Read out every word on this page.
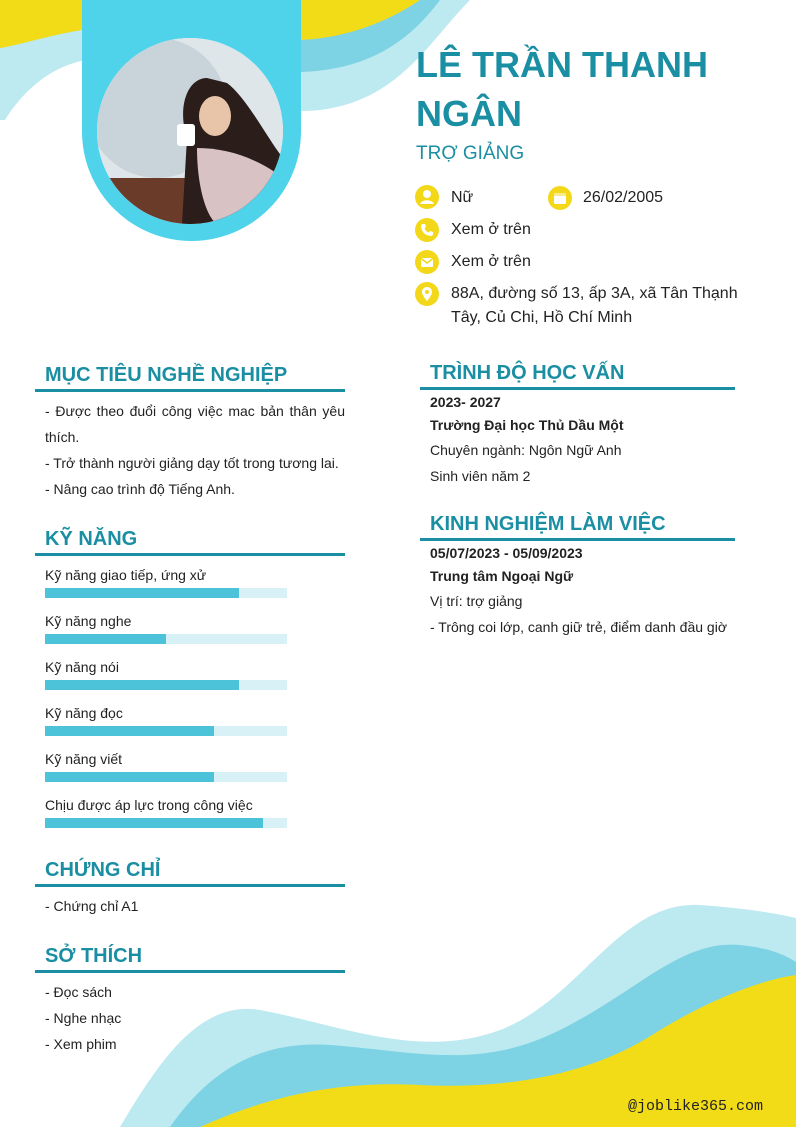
LÊ TRẦN THANH NGÂN
TRỢ GIẢNG
Nữ	26/02/2005
Xem ở trên
Xem ở trên
88A, đường số 13, ấp 3A, xã Tân Thạnh Tây, Củ Chi, Hồ Chí Minh
MỤC TIÊU NGHỀ NGHIỆP

- Được theo đuổi công việc mac bản thân yêu thích.

- Trở thành người giảng dạy tốt trong tương lai.

- Nâng cao trình độ Tiếng Anh.

KỸ NĂNG
Kỹ năng giao tiếp, ứng xử
Kỹ năng nghe
Kỹ năng nói
Kỹ năng đọc
Kỹ năng viết
Chịu được áp lực trong công việc
CHỨNG CHỈ
- Chứng chỉ A1
SỞ THÍCH
- Đọc sách
- Nghe nhạc
- Xem phim
TRÌNH ĐỘ HỌC VẤN
2023- 2027
Trường Đại học Thủ Dầu Một
Chuyên ngành: Ngôn Ngữ Anh
Sinh viên năm 2
KINH NGHIỆM LÀM VIỆC
05/07/2023 - 05/09/2023
Trung tâm Ngoại Ngữ
Vị trí: trợ giảng
- Trông coi lớp, canh giữ trẻ, điểm danh đầu giờ
@joblike365.com
